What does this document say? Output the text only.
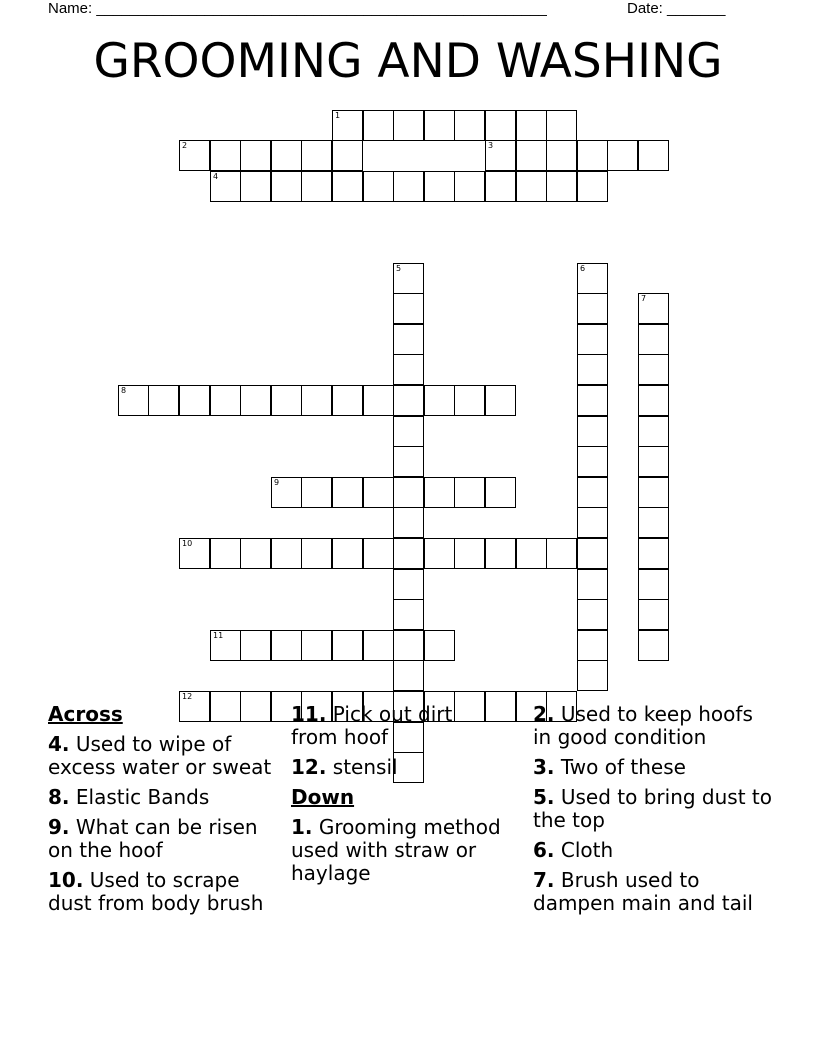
Name: ______________________________________________________	Date: _______
GROOMING AND WASHING
1
2
4
3
8
5	6
7
9
10
11
12
Across
4. Used to wipe of excess water or sweat
8. Elastic Bands
9. What can be risen on the hoof
10. Used to scrape dust from body brush
11. Pick out dirt from hoof
12. stensil
Down
1. Grooming method used with straw or haylage
2. Used to keep hoofs in good condition
3. Two of these
5. Used to bring dust to the top
6. Cloth
7. Brush used to dampen main and tail
